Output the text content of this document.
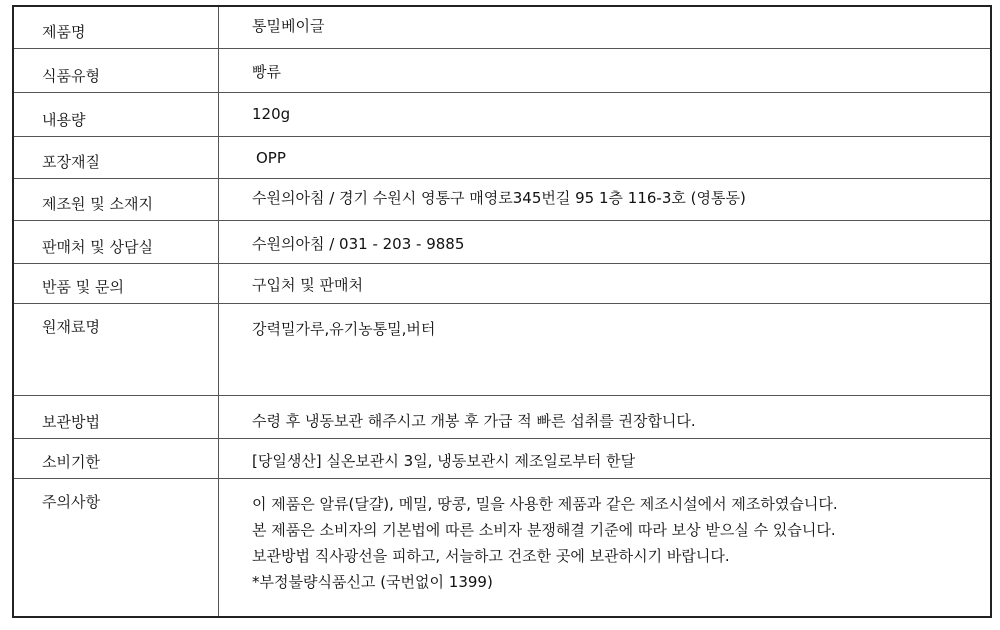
제품명	통밀베이글
식품유형	빵류
내용량	120g
포장재질	OPP
제조원 및 소재지	수원의아침 / 경기 수원시 영통구 매영로345번길 95 1층 116-3호 (영통동)
판매처 및 상담실	수원의아침 / 031 - 203 - 9885
반품 및 문의	구입처 및 판매처
원재료명	강력밀가루,유기농통밀,버터
보관방법	수령 후 냉동보관 해주시고 개봉 후 가급 적 빠른 섭취를 권장합니다.
소비기한	[당일생산] 실온보관시 3일, 냉동보관시 제조일로부터 한달
주의사항	이 제품은 알류(달걀), 메밀, 땅콩, 밀을 사용한 제품과 같은 제조시설에서 제조하였습니다.
본 제품은 소비자의 기본법에 따른 소비자 분쟁해결 기준에 따라 보상 받으실 수 있습니다.
보관방법 직사광선을 피하고, 서늘하고 건조한 곳에 보관하시기 바랍니다.
*부정불량식품신고 (국번없이 1399)
